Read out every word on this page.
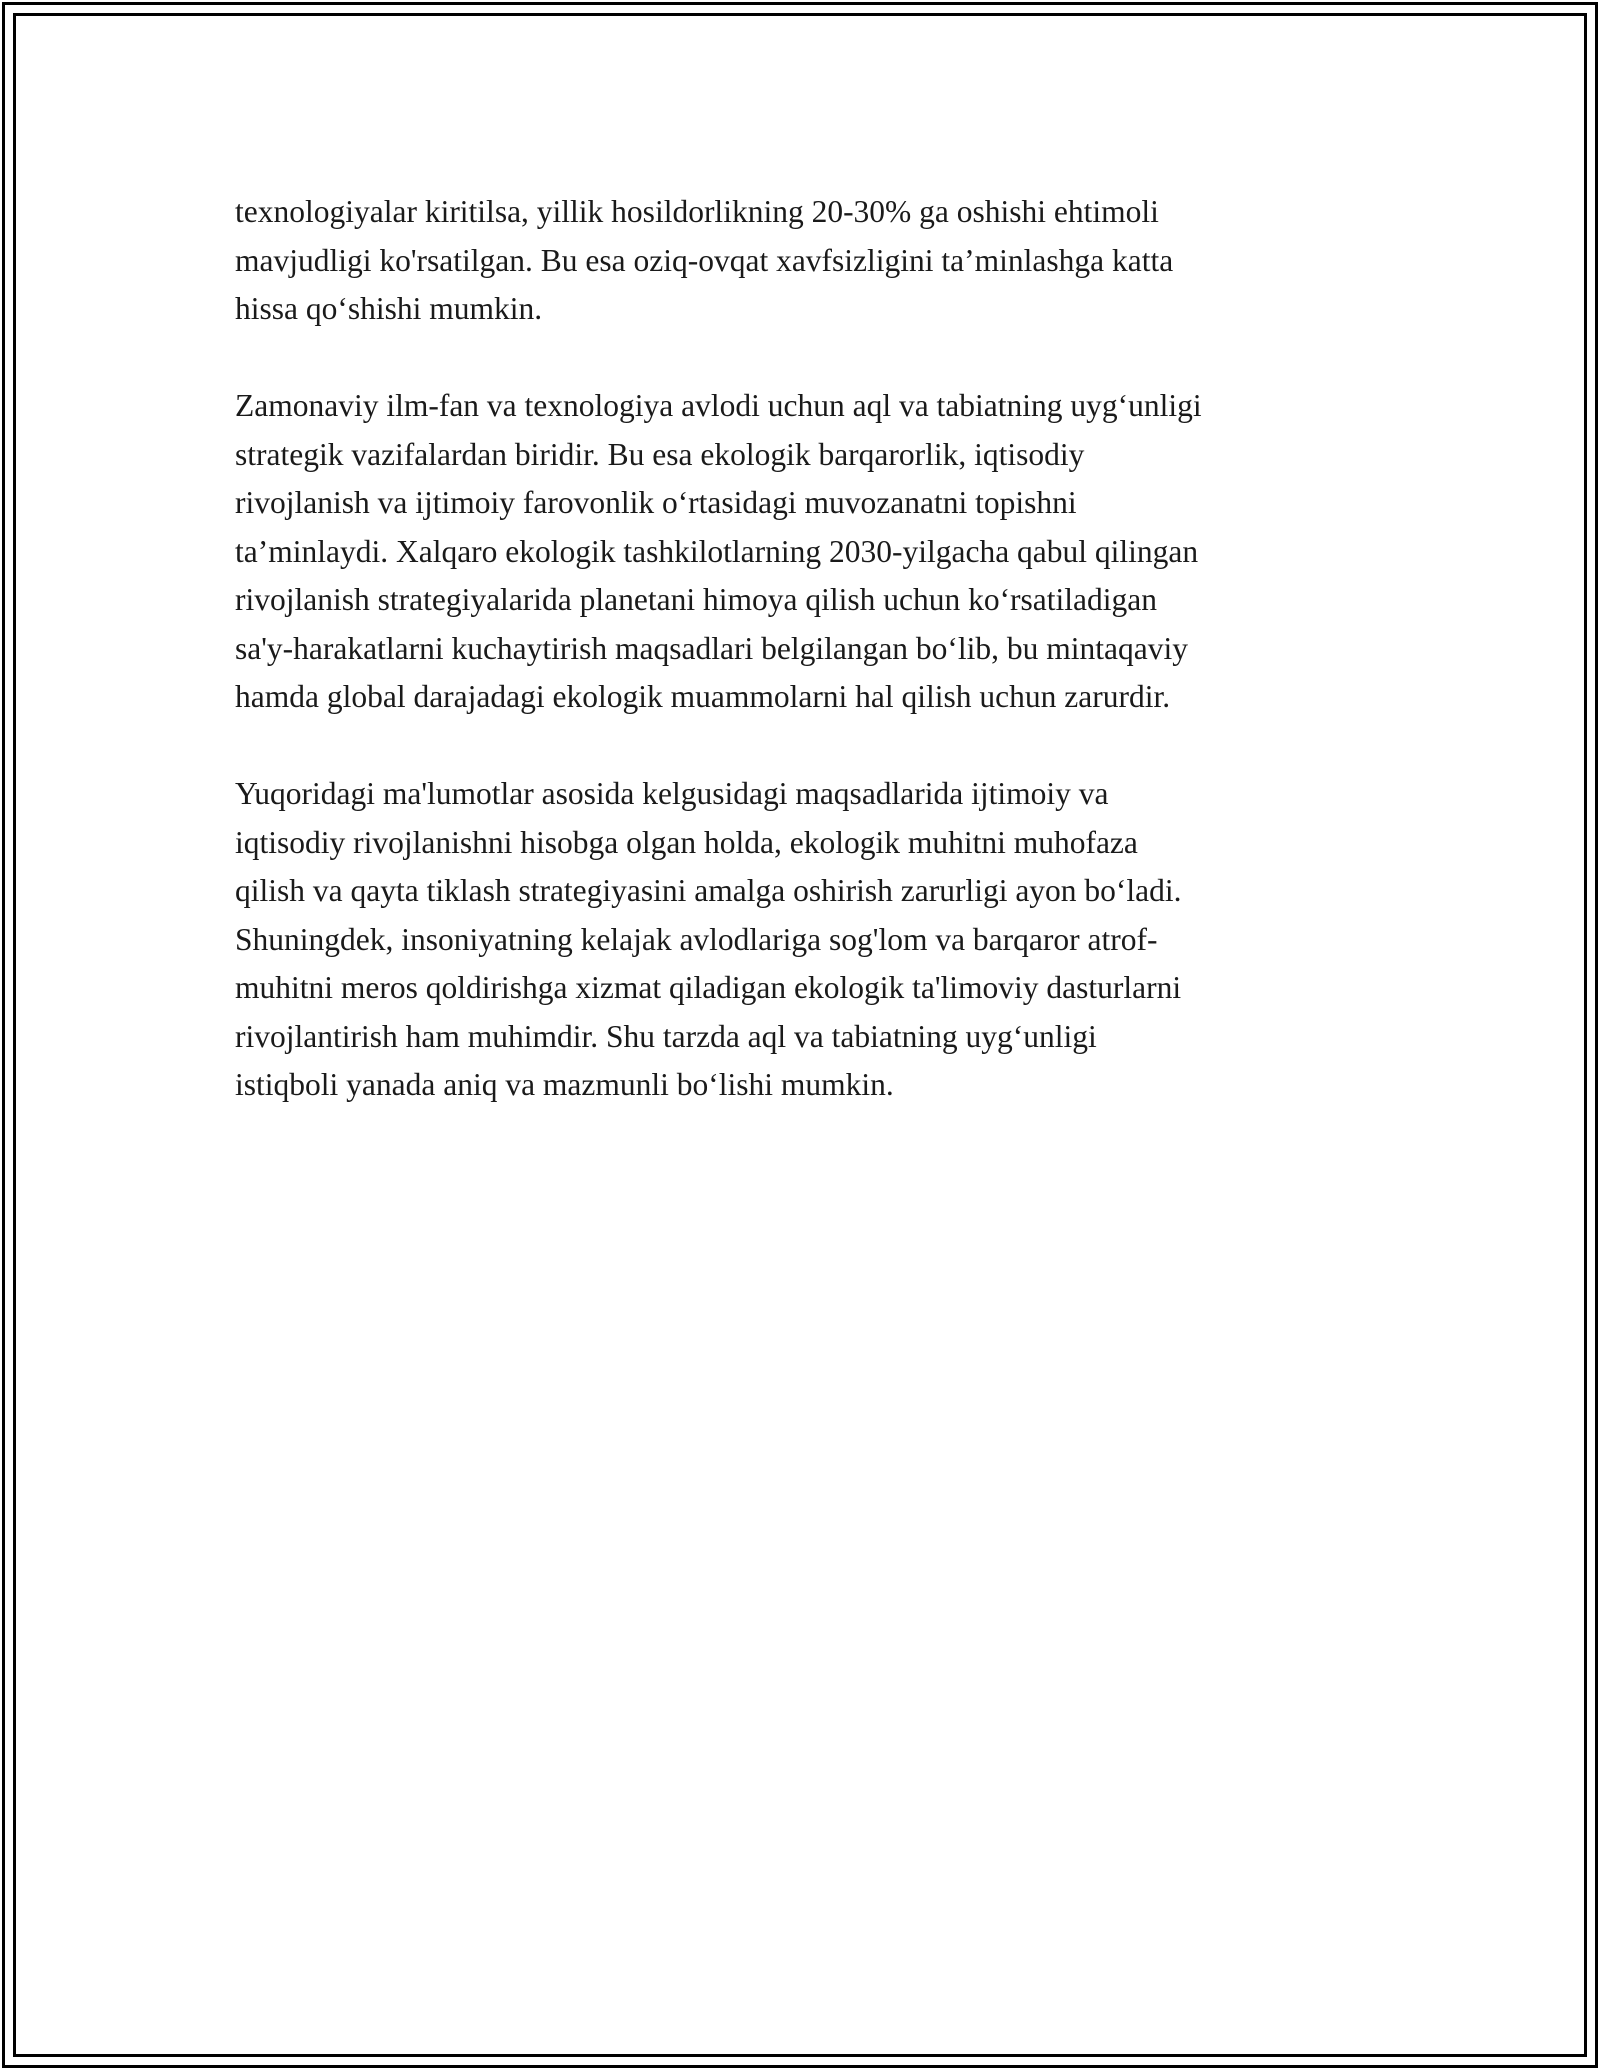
texnologiyalar kiritilsa, yillik hosildorlikning 20-30% ga oshishi ehtimoli
mavjudligi ko'rsatilgan. Bu esa oziq-ovqat xavfsizligini ta’minlashga katta
hissa qo‘shishi mumkin.

Zamonaviy ilm-fan va texnologiya avlodi uchun aql va tabiatning uyg‘unligi
strategik vazifalardan biridir. Bu esa ekologik barqarorlik, iqtisodiy
rivojlanish va ijtimoiy farovonlik o‘rtasidagi muvozanatni topishni
ta’minlaydi. Xalqaro ekologik tashkilotlarning 2030-yilgacha qabul qilingan
rivojlanish strategiyalarida planetani himoya qilish uchun ko‘rsatiladigan
sa'y-harakatlarni kuchaytirish maqsadlari belgilangan bo‘lib, bu mintaqaviy
hamda global darajadagi ekologik muammolarni hal qilish uchun zarurdir.

Yuqoridagi ma'lumotlar asosida kelgusidagi maqsadlarida ijtimoiy va
iqtisodiy rivojlanishni hisobga olgan holda, ekologik muhitni muhofaza
qilish va qayta tiklash strategiyasini amalga oshirish zarurligi ayon bo‘ladi.
Shuningdek, insoniyatning kelajak avlodlariga sog'lom va barqaror atrof-
muhitni meros qoldirishga xizmat qiladigan ekologik ta'limoviy dasturlarni
rivojlantirish ham muhimdir. Shu tarzda aql va tabiatning uyg‘unligi
istiqboli yanada aniq va mazmunli bo‘lishi mumkin.
